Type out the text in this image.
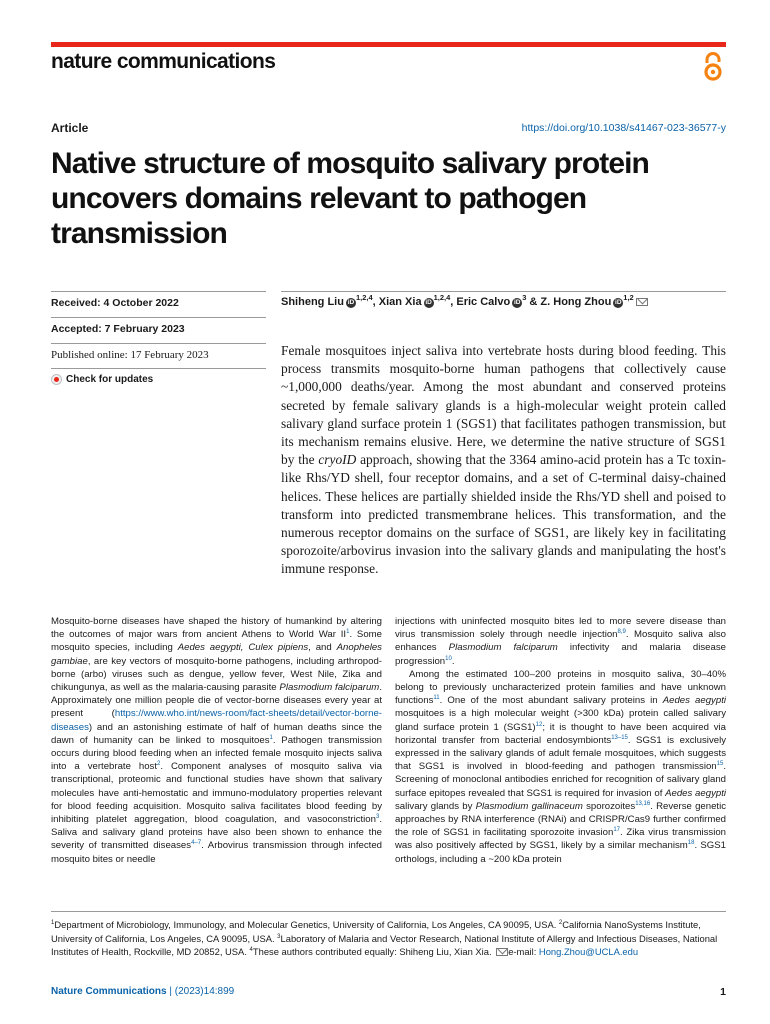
nature communications
Article	https://doi.org/10.1038/s41467-023-36577-y
Native structure of mosquito salivary protein uncovers domains relevant to pathogen transmission
Received: 4 October 2022
Accepted: 7 February 2023
Published online: 17 February 2023
Check for updates
Shiheng Liu iD$^{1,2,4}$, Xian Xia iD$^{1,2,4}$, Eric Calvo $iD^3$ & Z. Hong Zhou iD$^{1,2}$

Female mosquitoes inject saliva into vertebrate hosts during blood feeding. This process transmits mosquito-borne human pathogens that collectively cause ~1,000,000 deaths/year. Among the most abundant and conserved proteins secreted by female salivary glands is a high-molecular weight protein called salivary gland surface protein 1 (SGS1) that facilitates pathogen transmission, but its mechanism remains elusive. Here, we determine the native structure of SGS1 by the cryoID approach, showing that the 3364 amino-acid protein has a Tc toxin-like Rhs/YD shell, four receptor domains, and a set of C-terminal daisy-chained helices. These helices are partially shielded inside the Rhs/YD shell and poised to transform into predicted transmembrane helices. This transformation, and the numerous receptor domains on the surface of SGS1, are likely key in facilitating sporozoite/arbovirus invasion into the salivary glands and manipulating the host's immune response.

Mosquito-borne diseases have shaped the history of humankind by altering the outcomes of major wars from ancient Athens to World War II$^1$. Some mosquito species, including Aedes aegypti, Culex pipiens, and Anopheles gambiae, are key vectors of mosquito-borne pathogens, including arthropod-borne (arbo) viruses such as dengue, yellow fever, West Nile, Zika and chikungunya, as well as the malaria-causing parasite Plasmodium falciparum. Approximately one million people die of vector-borne diseases every year at present (https://www.who.int/news-room/fact-sheets/detail/vector-borne-diseases) and an astonishing estimate of half of human deaths since the dawn of humanity can be linked to mosquitoes$^1$. Pathogen transmission occurs during blood feeding when an infected female mosquito injects saliva into a vertebrate host$^2$. Component analyses of mosquito saliva via transcriptional, proteomic and functional studies have shown that salivary molecules have anti-hemostatic and immuno-modulatory properties relevant for blood feeding acquisition. Mosquito saliva facilitates blood feeding by inhibiting platelet aggregation, blood coagulation, and vasoconstriction$^3$. Saliva and salivary gland proteins have also been shown to enhance the severity of transmitted diseases$^{4-7}$. Arbovirus transmission through infected mosquito bites or needle

injections with uninfected mosquito bites led to more severe disease than virus transmission solely through needle injection$^{8,9}$. Mosquito saliva also enhances Plasmodium falciparum infectivity and malaria disease progression$^{10}$.

Among the estimated 100–200 proteins in mosquito saliva, 30–40% belong to previously uncharacterized protein families and have unknown functions$^{11}$. One of the most abundant salivary proteins in Aedes aegypti mosquitoes is a high molecular weight (>300 kDa) protein called salivary gland surface protein 1 (SGS1)$^{12}$; it is thought to have been acquired via horizontal transfer from bacterial endosymbionts$^{13-15}$. SGS1 is exclusively expressed in the salivary glands of adult female mosquitoes, which suggests that SGS1 is involved in blood-feeding and pathogen transmission$^{15}$. Screening of monoclonal antibodies enriched for recognition of salivary gland surface epitopes revealed that SGS1 is required for invasion of Aedes aegypti salivary glands by Plasmodium gallinaceum sporozoites$^{13,16}$. Reverse genetic approaches by RNA interference (RNAi) and CRISPR/Cas9 further confirmed the role of SGS1 in facilitating sporozoite invasion$^{17}$. Zika virus transmission was also positively affected by SGS1, likely by a similar mechanism$^{18}$. SGS1 orthologs, including a ~200 kDa protein

$^1$Department of Microbiology, Immunology, and Molecular Genetics, University of California, Los Angeles, CA 90095, USA. $^2$California NanoSystems Institute, University of California, Los Angeles, CA 90095, USA. $^3$Laboratory of Malaria and Vector Research, National Institute of Allergy and Infectious Diseases, National Institutes of Health, Rockville, MD 20852, USA. $^4$These authors contributed equally: Shiheng Liu, Xian Xia. e-mail: Hong.Zhou@UCLA.edu

Nature Communications | (2023)14:899	1
